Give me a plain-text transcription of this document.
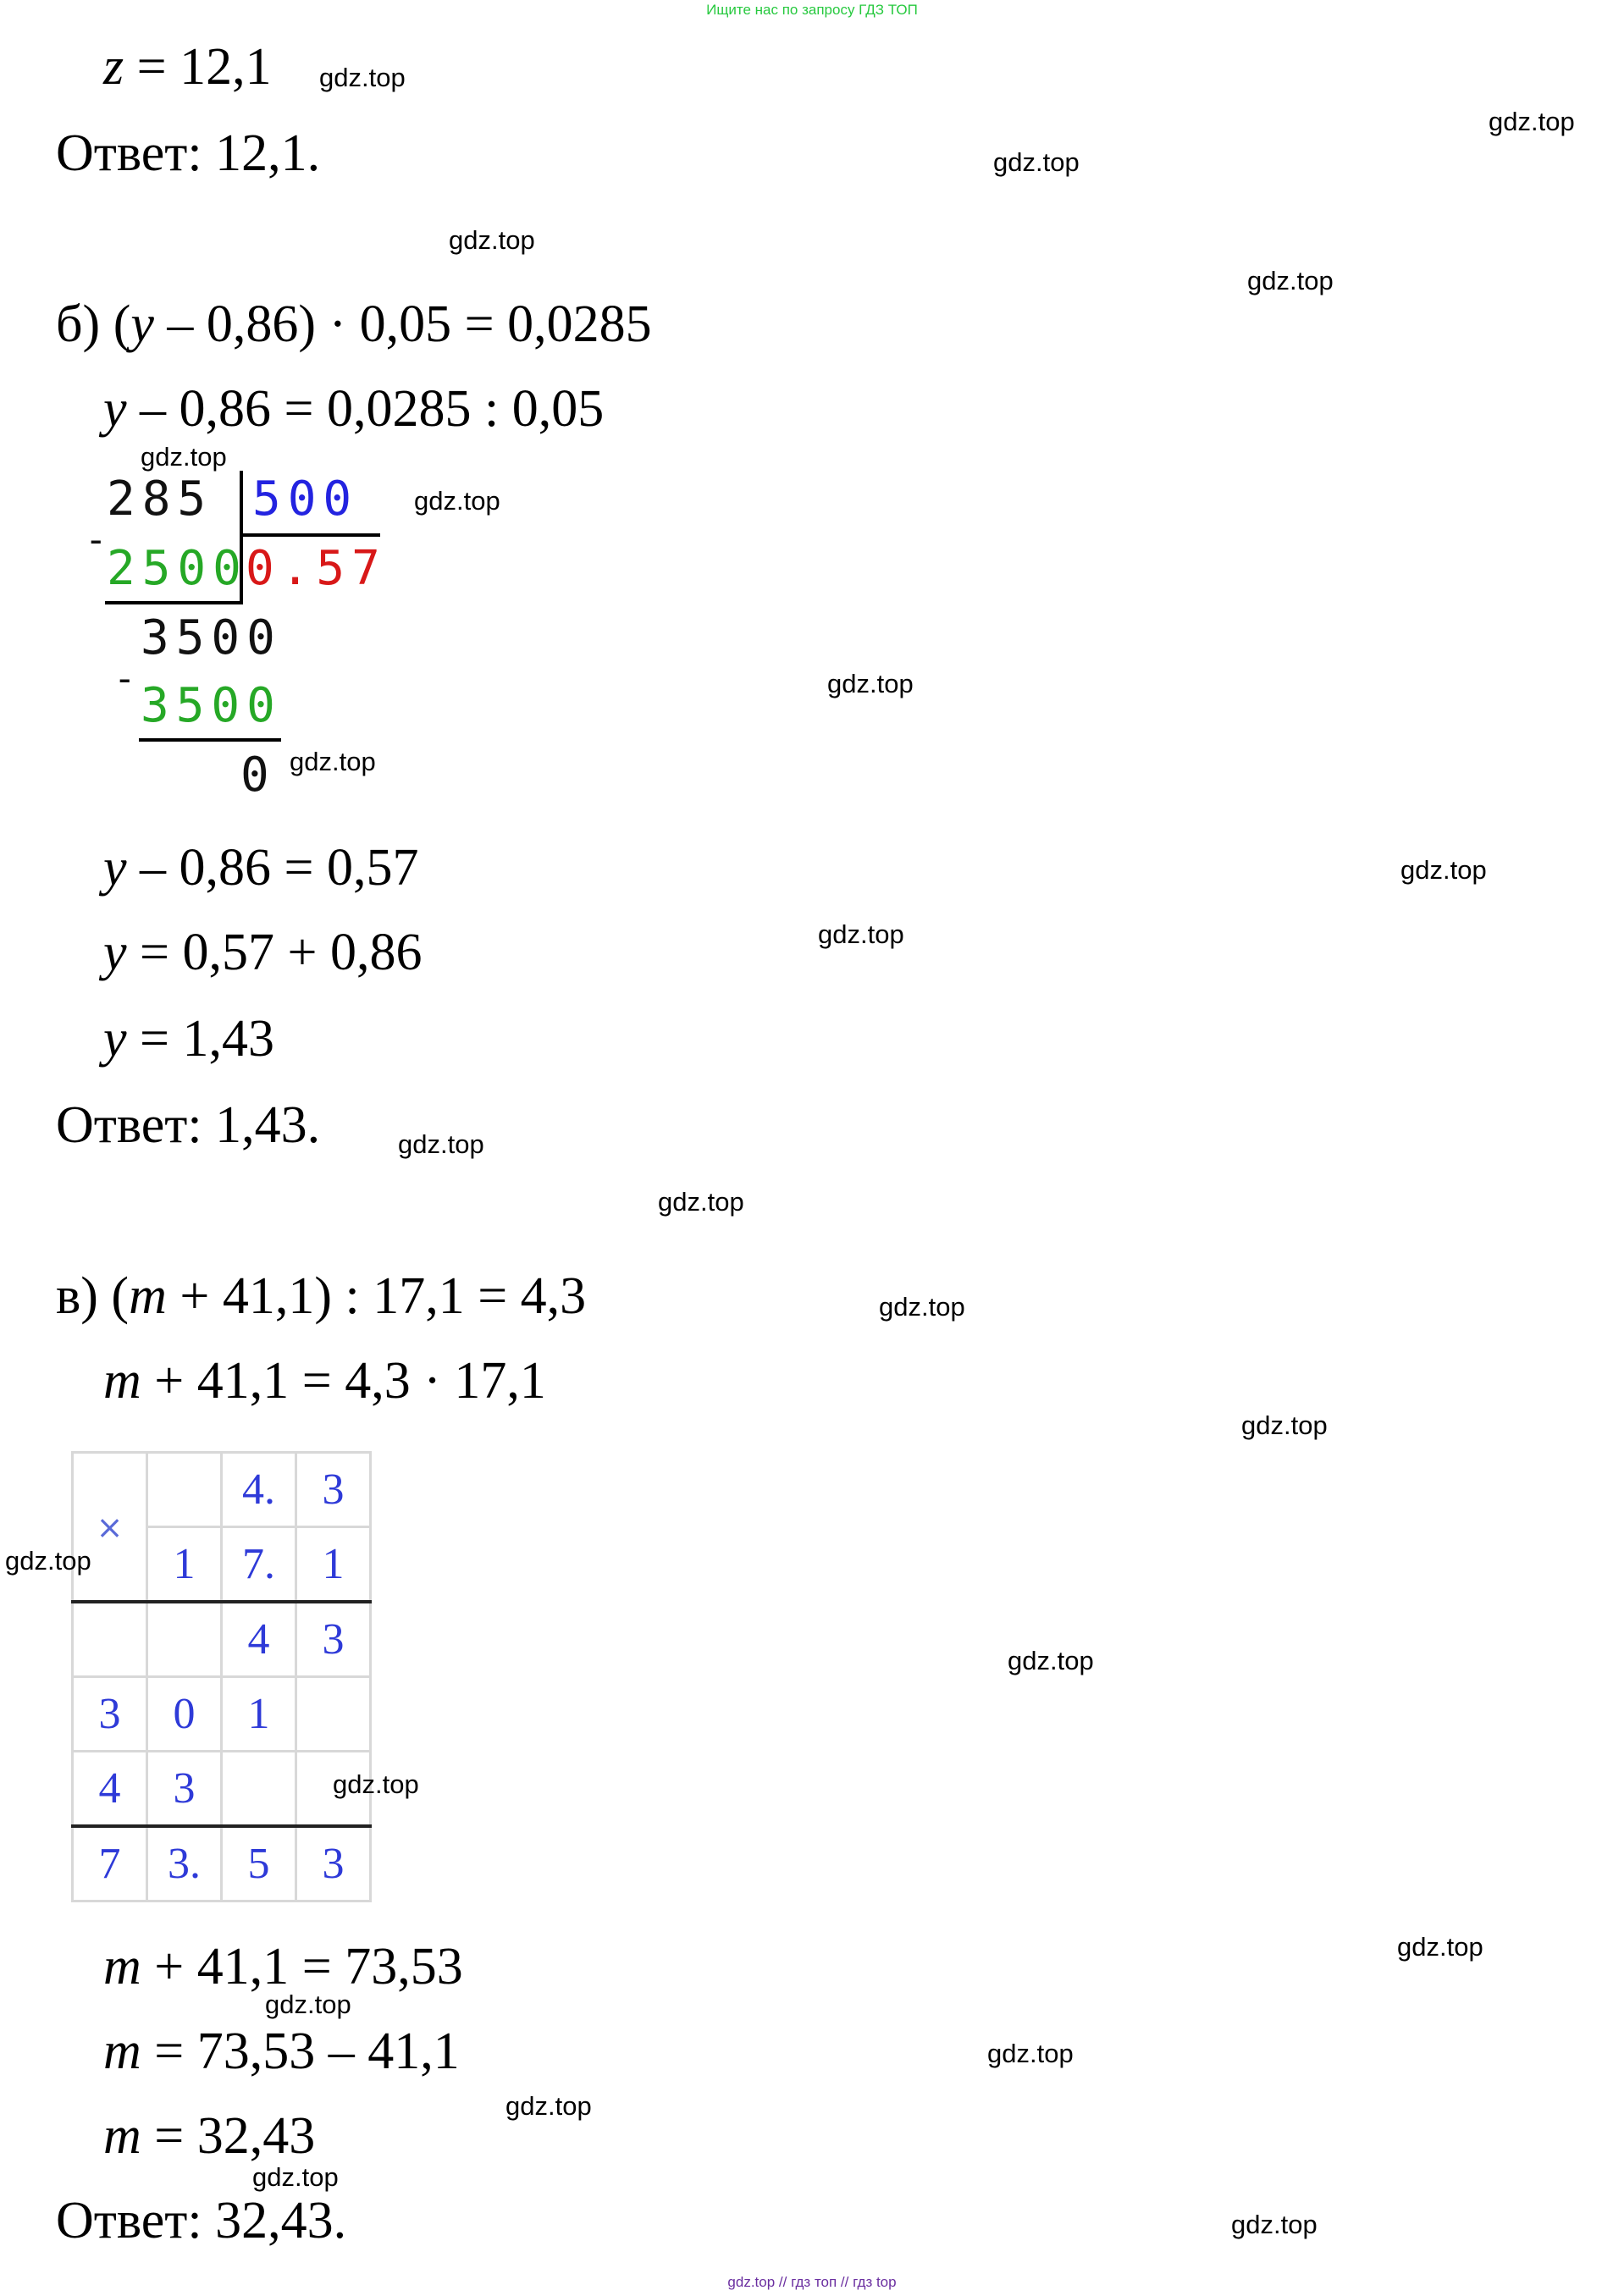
Ищите нас по запросу ГДЗ ТОП
gdz.top // гдз топ // гдз top
z = 12,1
Ответ: 12,1.
б) (y – 0,86) · 0,05 = 0,0285
y – 0,86 = 0,0285 : 0,05
285 500
-
2500
0.57
3500
-
3500
0
y – 0,86 = 0,57
y = 0,57 + 0,86
y = 1,43
Ответ: 1,43.
в) (m + 41,1) : 17,1 = 4,3
m + 41,1 = 4,3 · 17,1
×		4.	3
	1	7.	1
		4	3
3	0	1	
4	3		
7	3.	5	3
m + 41,1 = 73,53
m = 73,53 – 41,1
m = 32,43
Ответ: 32,43.
gdz.top
gdz.top
gdz.top
gdz.top
gdz.top
gdz.top
gdz.top
gdz.top
gdz.top
gdz.top
gdz.top
gdz.top
gdz.top
gdz.top
gdz.top
gdz.top
gdz.top
gdz.top
gdz.top
gdz.top
gdz.top
gdz.top
gdz.top
gdz.top
